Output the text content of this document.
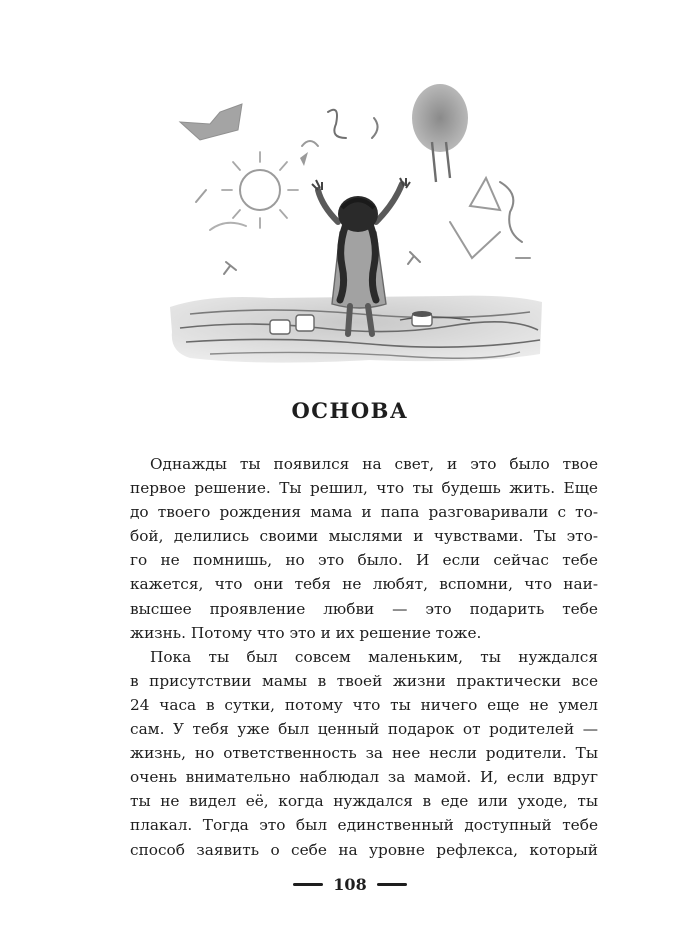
ОСНОВА
Однажды ты появился на свет, и это было твое
первое решение. Ты решил, что ты будешь жить. Еще
до твоего рождения мама и папа разговаривали с то-
бой, делились своими мыслями и чувствами. Ты это-
го не помнишь, но это было. И если сейчас тебе
кажется, что они тебя не любят, вспомни, что наи-
высшее проявление любви — это подарить тебе
жизнь. Потому что это и их решение тоже.
Пока ты был совсем маленьким, ты нуждался
в присутствии мамы в твоей жизни практически все
24 часа в сутки, потому что ты ничего еще не умел
сам. У тебя уже был ценный подарок от родителей —
жизнь, но ответственность за нее несли родители. Ты
очень внимательно наблюдал за мамой. И, если вдруг
ты не видел её, когда нуждался в еде или уходе, ты
плакал. Тогда это был единственный доступный тебе
способ заявить о себе на уровне рефлекса, который
108
